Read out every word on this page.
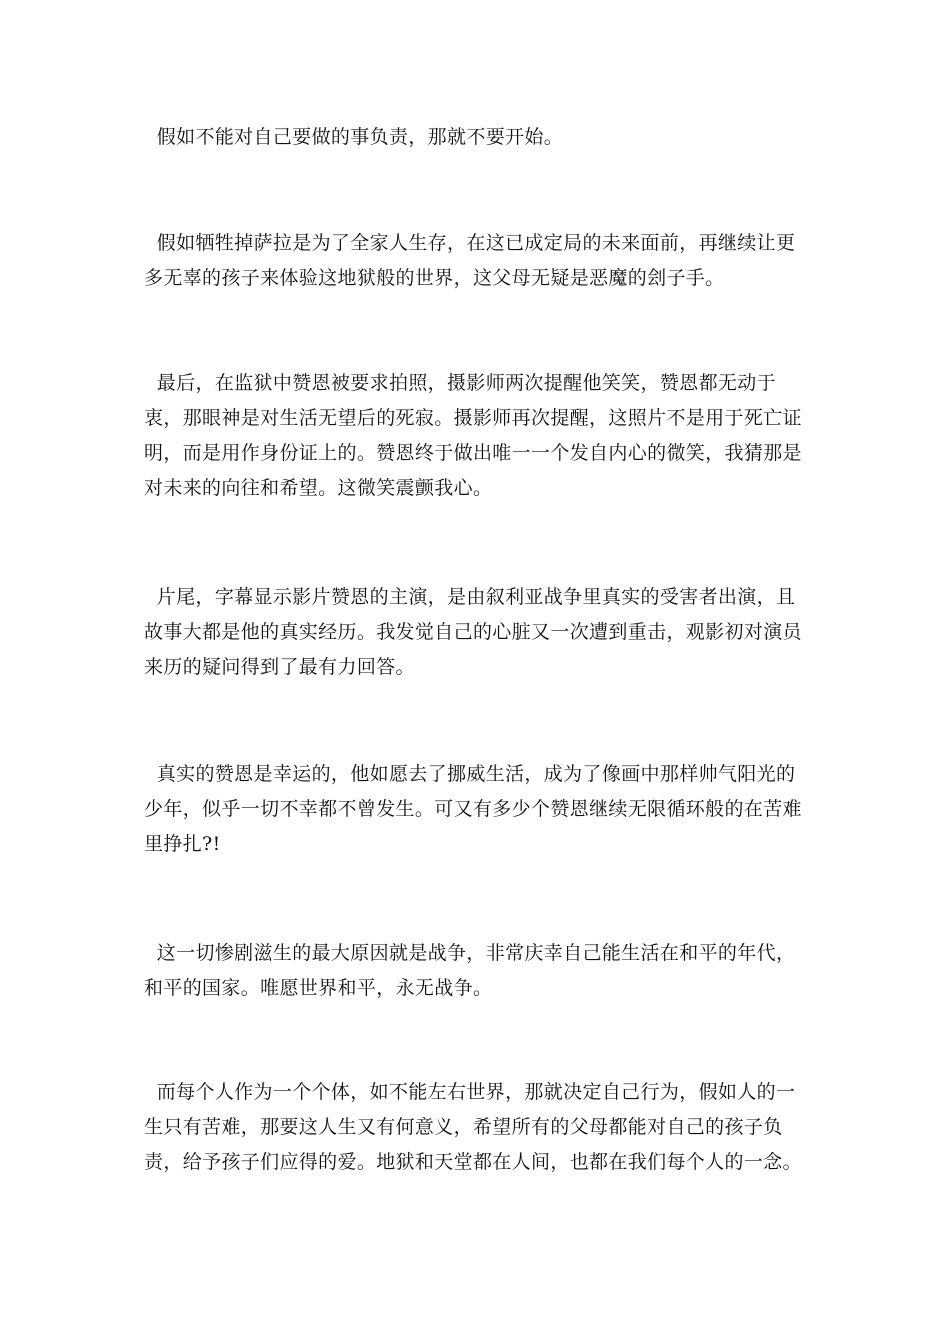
假如不能对自己要做的事负责，那就不要开始。

假如牺牲掉萨拉是为了全家人生存，在这已成定局的未来面前，再继续让更多无辜的孩子来体验这地狱般的世界，这父母无疑是恶魔的刽子手。

最后，在监狱中赞恩被要求拍照，摄影师两次提醒他笑笑，赞恩都无动于衷，那眼神是对生活无望后的死寂。摄影师再次提醒，这照片不是用于死亡证明，而是用作身份证上的。赞恩终于做出唯一一个发自内心的微笑，我猜那是对未来的向往和希望。这微笑震颤我心。

片尾，字幕显示影片赞恩的主演，是由叙利亚战争里真实的受害者出演，且故事大都是他的真实经历。我发觉自己的心脏又一次遭到重击，观影初对演员来历的疑问得到了最有力回答。

真实的赞恩是幸运的，他如愿去了挪威生活，成为了像画中那样帅气阳光的少年，似乎一切不幸都不曾发生。可又有多少个赞恩继续无限循环般的在苦难里挣扎?!

这一切惨剧滋生的最大原因就是战争，非常庆幸自己能生活在和平的年代，和平的国家。唯愿世界和平，永无战争。

而每个人作为一个个体，如不能左右世界，那就决定自己行为，假如人的一生只有苦难，那要这人生又有何意义，希望所有的父母都能对自己的孩子负责，给予孩子们应得的爱。地狱和天堂都在人间，也都在我们每个人的一念。
